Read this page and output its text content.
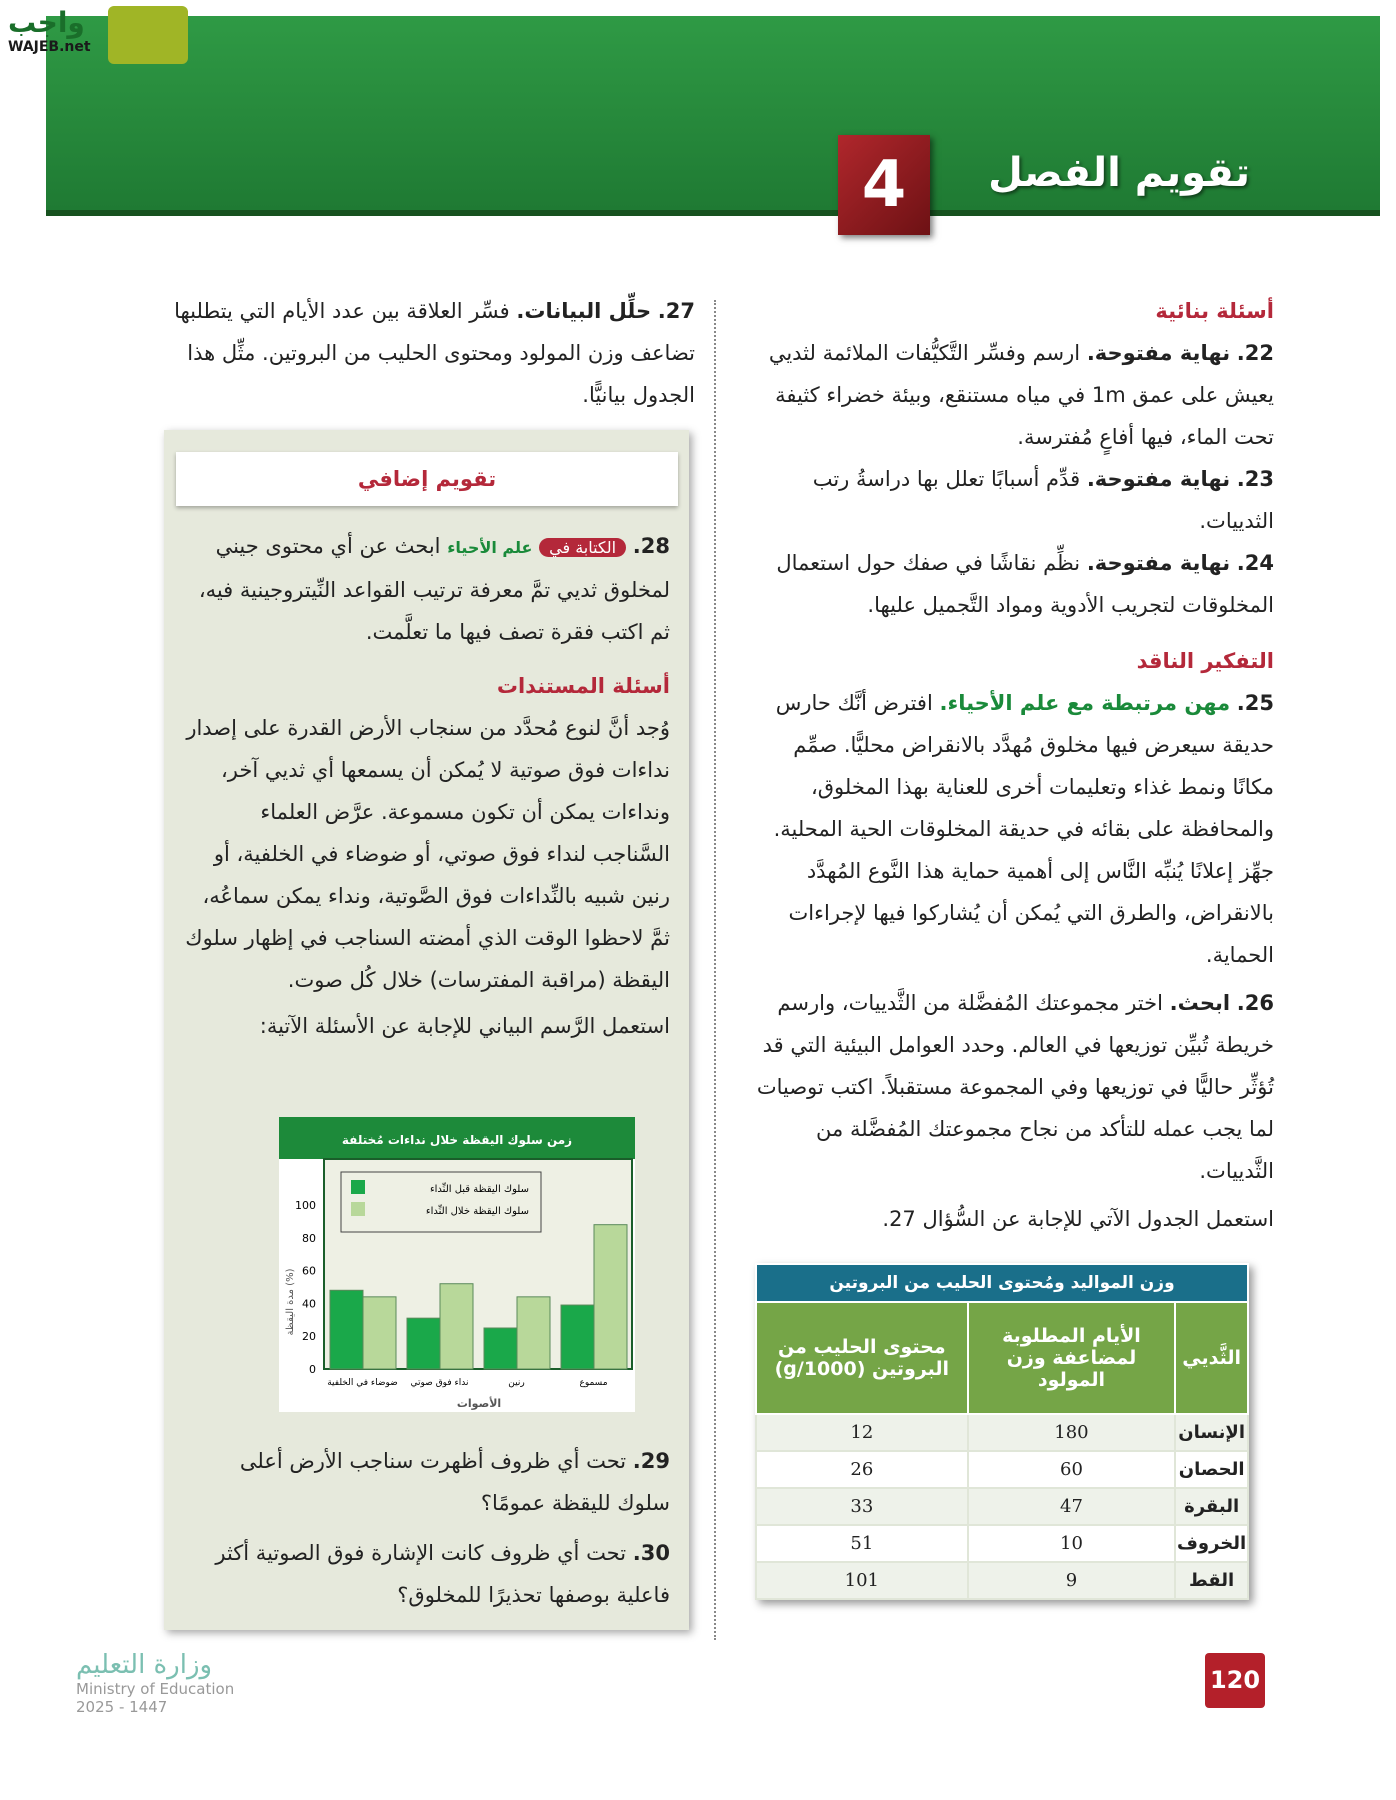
واجب
WAJEB.net
4	تقويم الفصل
أسئلة بنائية

22. نهاية مفتوحة. ارسم وفسِّر التَّكيُّفات الملائمة لثديي يعيش على عمق 1m في مياه مستنقع، وبيئة خضراء كثيفة تحت الماء، فيها أفاعٍ مُفترسة.

23. نهاية مفتوحة. قدِّم أسبابًا تعلل بها دراسةُ رتب الثدييات.

24. نهاية مفتوحة. نظِّم نقاشًا في صفك حول استعمال المخلوقات لتجريب الأدوية ومواد التَّجميل عليها.

التفكير الناقد

25. مهن مرتبطة مع علم الأحياء. افترض أنَّك حارس حديقة سيعرض فيها مخلوق مُهدَّد بالانقراض محليًّا. صمِّم مكانًا ونمط غذاء وتعليمات أخرى للعناية بهذا المخلوق، والمحافظة على بقائه في حديقة المخلوقات الحية المحلية. جهِّز إعلانًا يُنبِّه النَّاس إلى أهمية حماية هذا النَّوع المُهدَّد بالانقراض، والطرق التي يُمكن أن يُشاركوا فيها لإجراءات الحماية.

26. ابحث. اختر مجموعتك المُفضَّلة من الثَّدييات، وارسم خريطة تُبيِّن توزيعها في العالم. وحدد العوامل البيئية التي قد تُؤثِّر حاليًّا في توزيعها وفي المجموعة مستقبلاً. اكتب توصيات لما يجب عمله للتأكد من نجاح مجموعتك المُفضَّلة من الثَّدييات.

استعمل الجدول الآتي للإجابة عن السُّؤال 27.

وزن المواليد ومُحتوى الحليب من البروتين		
الثَّديي	الأيام المطلوبة لمضاعفة وزن المولود	محتوى الحليب من البروتين (g/1000)
الإنسان	180	12
الحصان	60	26
البقرة	47	33
الخروف	10	51
القط	9	101
27. حلِّل البيانات. فسِّر العلاقة بين عدد الأيام التي يتطلبها تضاعف وزن المولود ومحتوى الحليب من البروتين. مثِّل هذا الجدول بيانيًّا.
تقويم إضافي

28. الكتابة في علم الأحياء ابحث عن أي محتوى جيني لمخلوق ثديي تمَّ معرفة ترتيب القواعد النِّيتروجينية فيه، ثم اكتب فقرة تصف فيها ما تعلَّمت.

أسئلة المستندات

وُجد أنَّ لنوع مُحدَّد من سنجاب الأرض القدرة على إصدار نداءات فوق صوتية لا يُمكن أن يسمعها أي ثديي آخر، ونداءات يمكن أن تكون مسموعة. عرَّض العلماء السَّناجب لنداء فوق صوتي، أو ضوضاء في الخلفية، أو رنين شبيه بالنِّداءات فوق الصَّوتية، ونداء يمكن سماعُه، ثمَّ لاحظوا الوقت الذي أمضته السناجب في إظهار سلوك اليقظة (مراقبة المفترسات) خلال كُل صوت.

استعمل الرَّسم البياني للإجابة عن الأسئلة الآتية:

زمن سلوك اليقظة خلال نداءات مُختلفة
0
20
40
60
80
100
ضوضاء في الخلفية نداء فوق صوتي	رنين	مسموع
الأصوات
مدة اليقظة (%)
سلوك اليقظة قبل النِّداء
سلوك اليقظة خلال النِّداء

29. تحت أي ظروف أظهرت سناجب الأرض أعلى سلوك لليقظة عمومًا؟

30. تحت أي ظروف كانت الإشارة فوق الصوتية أكثر فاعلية بوصفها تحذيرًا للمخلوق؟

وزارة التعليم
Ministry of Education
2025 - 1447
120
